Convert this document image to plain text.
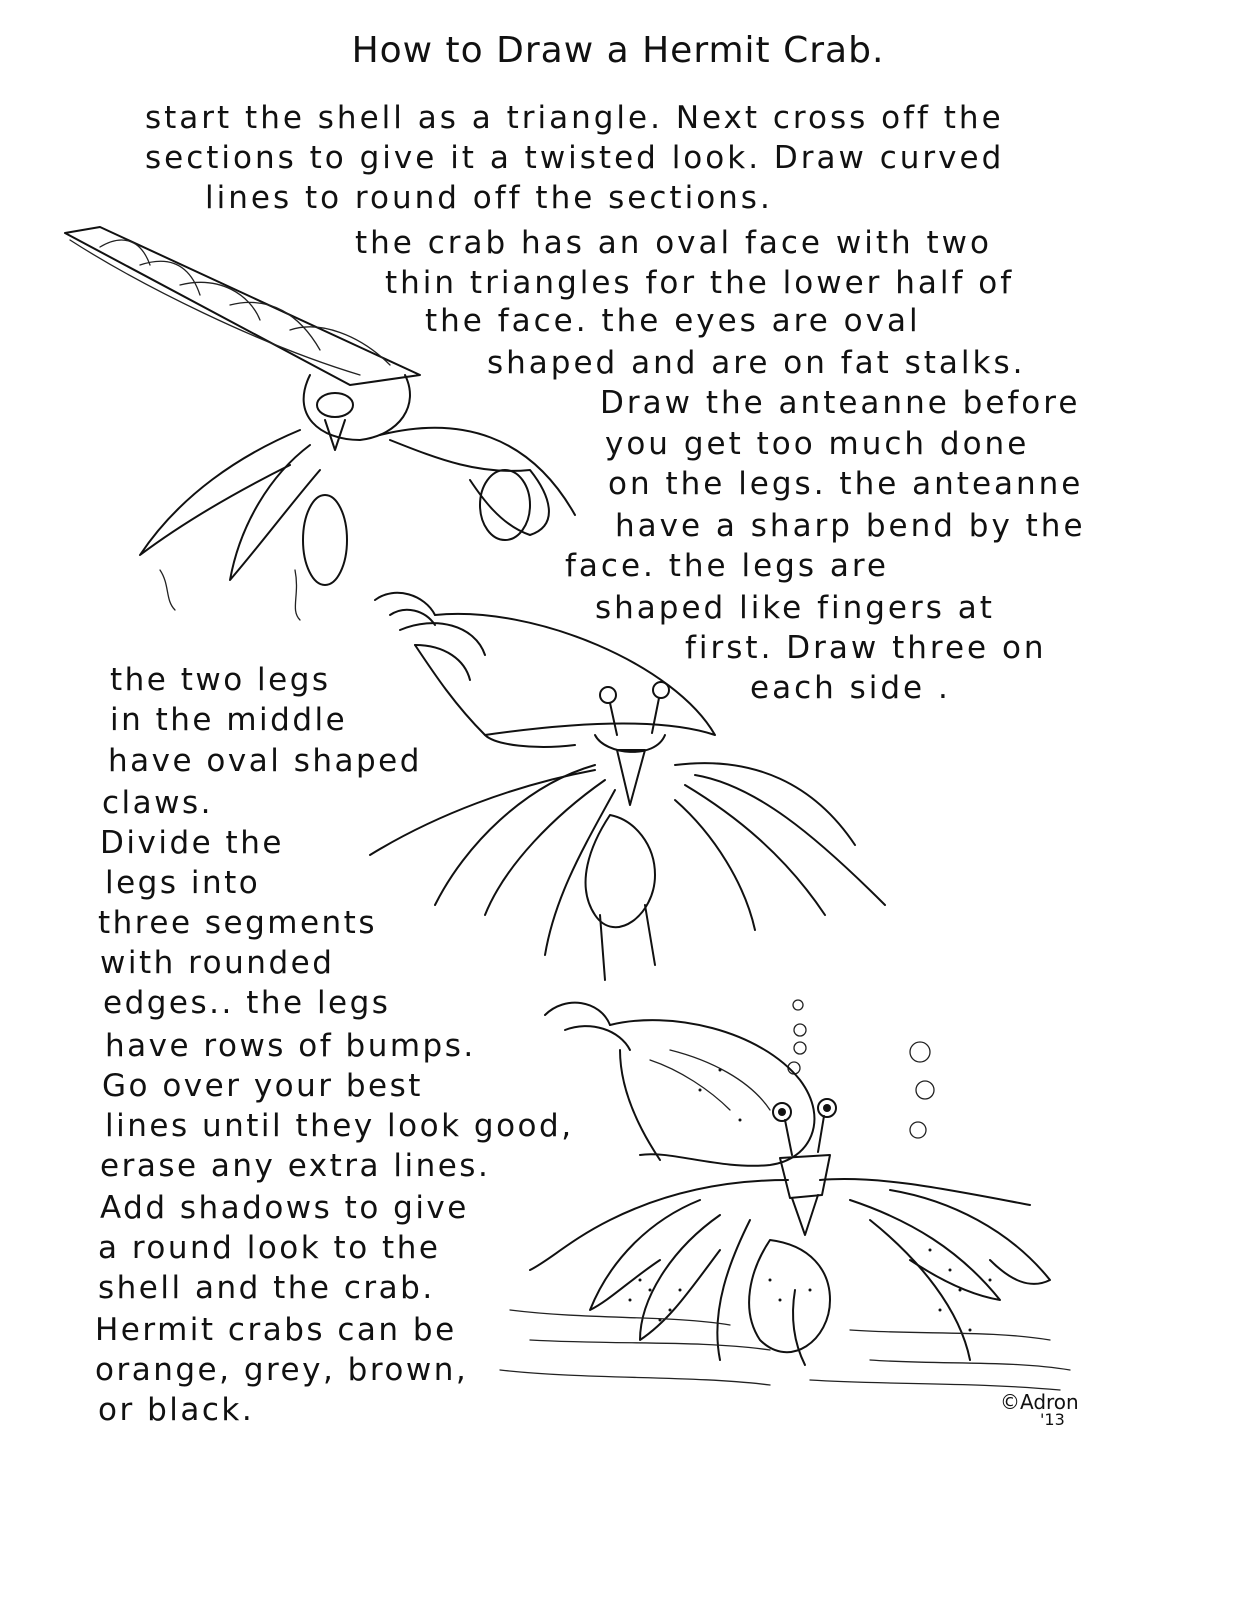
How to Draw a Hermit Crab.
start the shell as a triangle. Next cross off the
sections to give it a twisted look. Draw curved
lines to round off the sections.
the crab has an oval face with two
thin triangles for the lower half of
the face. the eyes are oval
shaped and are on fat stalks.
Draw the anteanne before
you get too much done
on the legs. the anteanne
have a sharp bend by the
face. the legs are
shaped like fingers at
first. Draw three on
each side .
the two legs
in the middle
have oval shaped
claws.
Divide the
legs into
three segments
with rounded
edges.. the legs
have rows of bumps.
Go over your best
lines until they look good,
erase any extra lines.
Add shadows to give
a round look to the
shell and the crab.
Hermit crabs can be
orange, grey, brown,
or black.	©Adron
'13
